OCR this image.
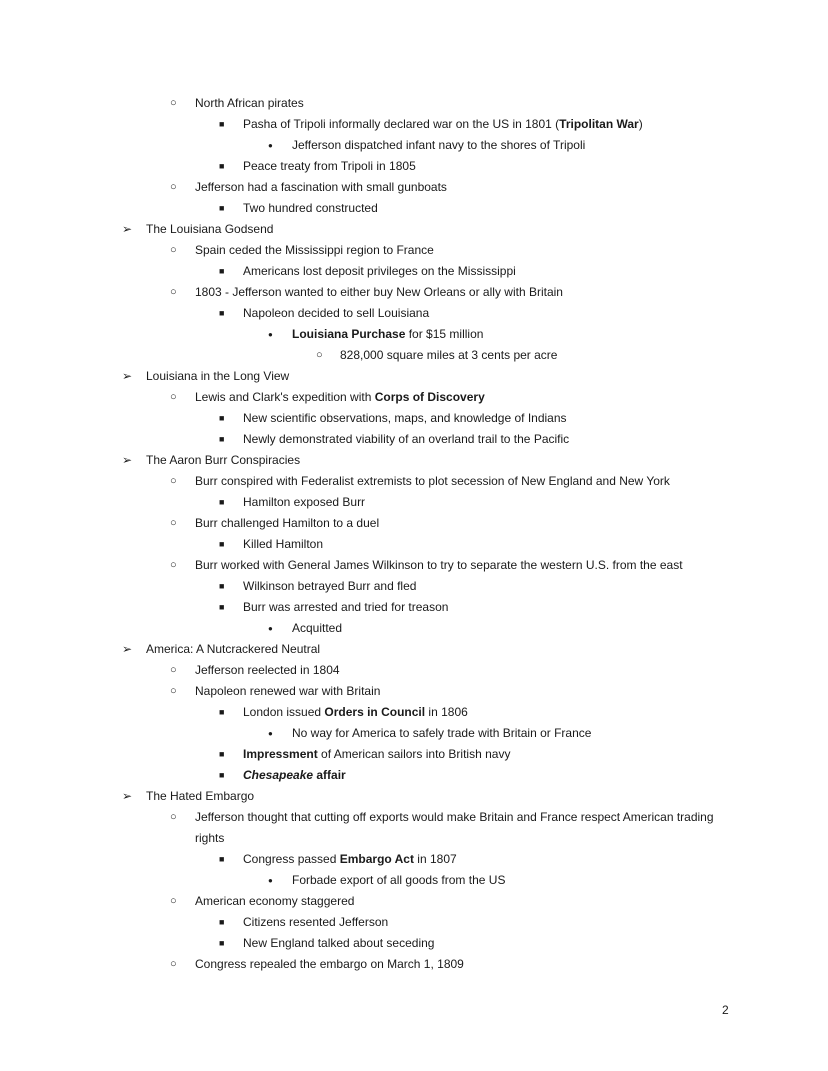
○ North African pirates
■ Pasha of Tripoli informally declared war on the US in 1801 (Tripolitan War)
● Jefferson dispatched infant navy to the shores of Tripoli
■ Peace treaty from Tripoli in 1805
○ Jefferson had a fascination with small gunboats
■ Two hundred constructed
➢ The Louisiana Godsend
○ Spain ceded the Mississippi region to France
■ Americans lost deposit privileges on the Mississippi
○ 1803 - Jefferson wanted to either buy New Orleans or ally with Britain
■ Napoleon decided to sell Louisiana
● Louisiana Purchase for $15 million
○ 828,000 square miles at 3 cents per acre
➢ Louisiana in the Long View
○ Lewis and Clark's expedition with Corps of Discovery
■ New scientific observations, maps, and knowledge of Indians
■ Newly demonstrated viability of an overland trail to the Pacific
➢ The Aaron Burr Conspiracies
○ Burr conspired with Federalist extremists to plot secession of New England and New York
■ Hamilton exposed Burr
○ Burr challenged Hamilton to a duel
■ Killed Hamilton
○ Burr worked with General James Wilkinson to try to separate the western U.S. from the east
■ Wilkinson betrayed Burr and fled
■ Burr was arrested and tried for treason
● Acquitted
➢ America: A Nutcrackered Neutral
○ Jefferson reelected in 1804
○ Napoleon renewed war with Britain
■ London issued Orders in Council in 1806
● No way for America to safely trade with Britain or France
■ Impressment of American sailors into British navy
■ Chesapeake affair
➢ The Hated Embargo
○ Jefferson thought that cutting off exports would make Britain and France respect American trading
rights
■ Congress passed Embargo Act in 1807
● Forbade export of all goods from the US
○ American economy staggered
■ Citizens resented Jefferson
■ New England talked about seceding
○ Congress repealed the embargo on March 1, 1809
2
